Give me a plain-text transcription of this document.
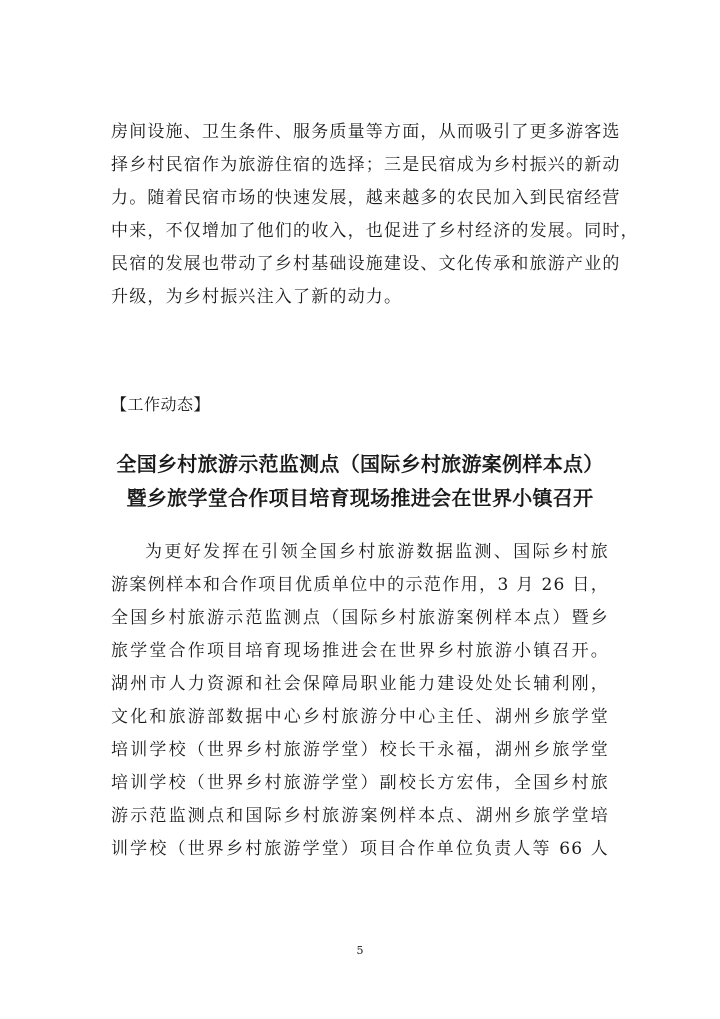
房间设施、卫生条件、服务质量等方面，从而吸引了更多游客选
择乡村民宿作为旅游住宿的选择；三是民宿成为乡村振兴的新动
力。随着民宿市场的快速发展，越来越多的农民加入到民宿经营
中来，不仅增加了他们的收入，也促进了乡村经济的发展。同时，
民宿的发展也带动了乡村基础设施建设、文化传承和旅游产业的
升级，为乡村振兴注入了新的动力。
【工作动态】
全国乡村旅游示范监测点（国际乡村旅游案例样本点）
暨乡旅学堂合作项目培育现场推进会在世界小镇召开
为更好发挥在引领全国乡村旅游数据监测、国际乡村旅
游案例样本和合作项目优质单位中的示范作用，3 月 26 日，
全国乡村旅游示范监测点（国际乡村旅游案例样本点）暨乡
旅学堂合作项目培育现场推进会在世界乡村旅游小镇召开。
湖州市人力资源和社会保障局职业能力建设处处长辅利刚，
文化和旅游部数据中心乡村旅游分中心主任、湖州乡旅学堂
培训学校（世界乡村旅游学堂）校长干永福，湖州乡旅学堂
培训学校（世界乡村旅游学堂）副校长方宏伟，全国乡村旅
游示范监测点和国际乡村旅游案例样本点、湖州乡旅学堂培
训学校（世界乡村旅游学堂）项目合作单位负责人等 66 人
5
